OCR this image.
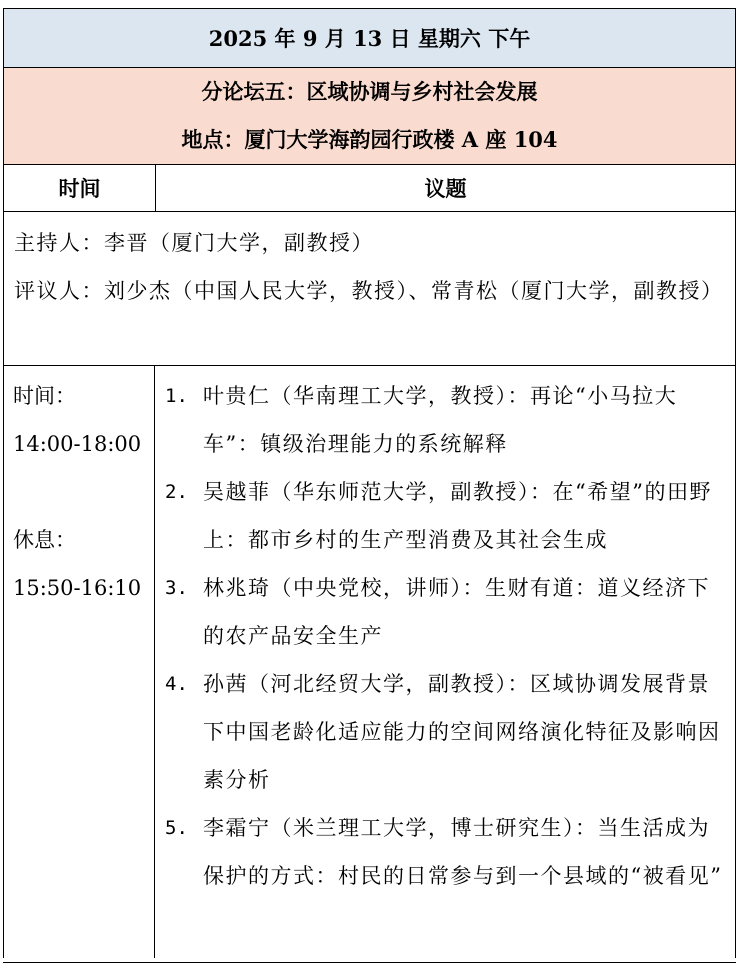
2025 年 9 月 13 日 星期六 下午
分论坛五：区域协调与乡村社会发展
地点：厦门大学海韵园行政楼 A 座 104
时间	议题
主持人：李晋（厦门大学，副教授）
评议人：刘少杰（中国人民大学，教授）、常青松（厦门大学，副教授）
时间：
14:00-18:00
休息：
15:50-16:10
1. 叶贵仁（华南理工大学，教授）：再论“小马拉大车”：镇级治理能力的系统解释
2. 吴越菲（华东师范大学，副教授）：在“希望”的田野上：都市乡村的生产型消费及其社会生成
3. 林兆琦（中央党校，讲师）：生财有道：道义经济下的农产品安全生产
4. 孙茜（河北经贸大学，副教授）：区域协调发展背景下中国老龄化适应能力的空间网络演化特征及影响因素分析
5. 李霜宁（米兰理工大学，博士研究生）：当生活成为保护的方式：村民的日常参与到一个县域的“被看见”
